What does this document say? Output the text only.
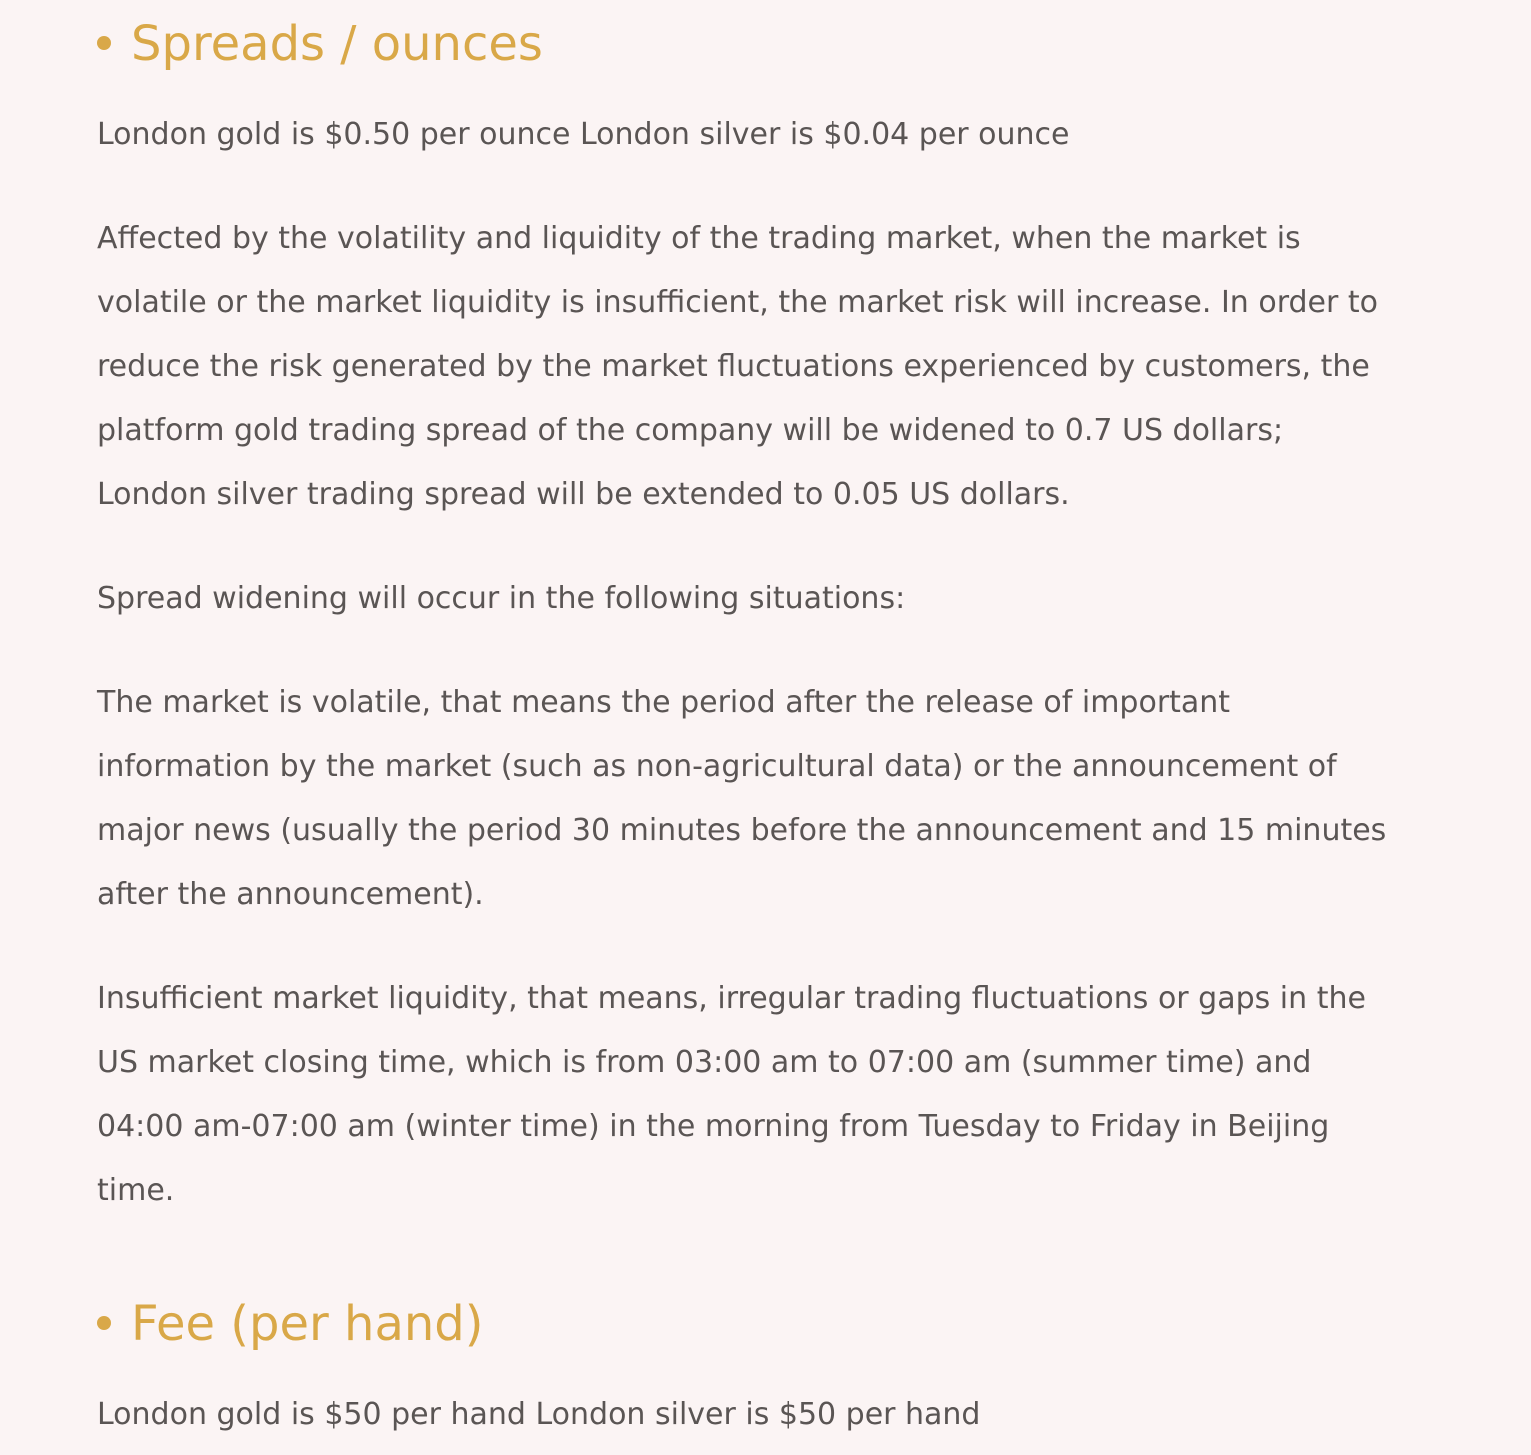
Spreads / ounces

London gold is $0.50 per ounce London silver is $0.04 per ounce

Affected by the volatility and liquidity of the trading market, when the market is volatile or the market liquidity is insufficient, the market risk will increase. In order to reduce the risk generated by the market fluctuations experienced by customers, the platform gold trading spread of the company will be widened to 0.7 US dollars; London silver trading spread will be extended to 0.05 US dollars.

Spread widening will occur in the following situations:

The market is volatile, that means the period after the release of important information by the market (such as non-agricultural data) or the announcement of major news (usually the period 30 minutes before the announcement and 15 minutes after the announcement).

Insufficient market liquidity, that means, irregular trading fluctuations or gaps in the US market closing time, which is from 03:00 am to 07:00 am (summer time) and 04:00 am-07:00 am (winter time) in the morning from Tuesday to Friday in Beijing time.

Fee (per hand)

London gold is $50 per hand London silver is $50 per hand
